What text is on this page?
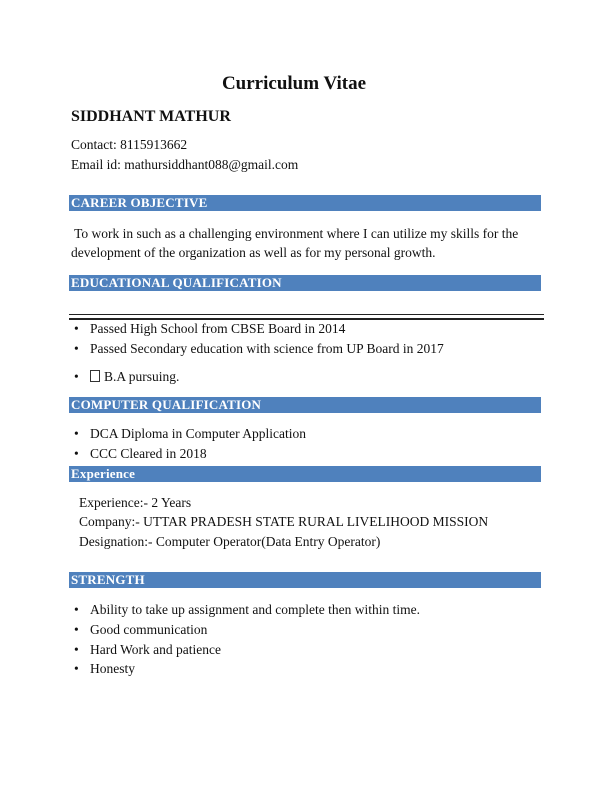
Curriculum Vitae
SIDDHANT MATHUR
Contact: 8115913662
Email id: mathursiddhant088@gmail.com
CAREER OBJECTIVE
To work in such as a challenging environment where I can utilize my skills for the
development of the organization as well as for my personal growth.
EDUCATIONAL QUALIFICATION
• Passed High School from CBSE Board in 2014
• Passed Secondary education with science from UP Board in 2017
• B.A pursuing.
COMPUTER QUALIFICATION
• DCA Diploma in Computer Application
• CCC Cleared in 2018
Experience
Experience:- 2 Years
Company:- UTTAR PRADESH STATE RURAL LIVELIHOOD MISSION
Designation:- Computer Operator(Data Entry Operator)
STRENGTH
• Ability to take up assignment and complete then within time.
• Good communication
• Hard Work and patience
• Honesty
